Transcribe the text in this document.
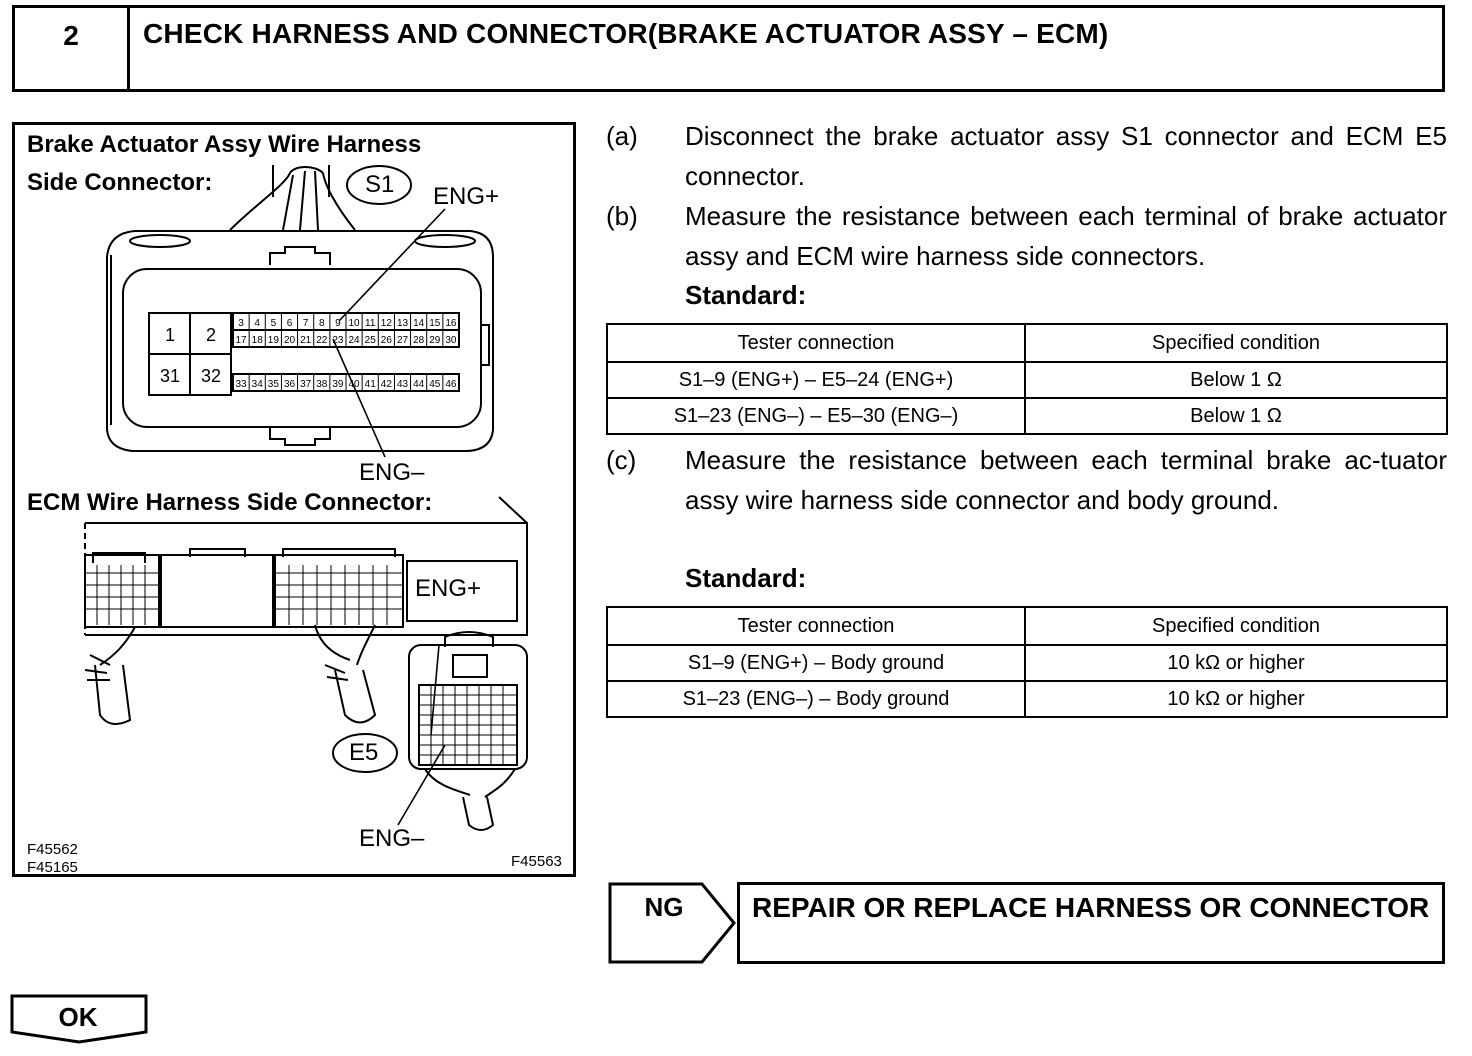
2	CHECK HARNESS AND CONNECTOR(BRAKE ACTUATOR ASSY – ECM)
3 4 5 6 7 8 9 10 11 12 13 14 15 16
17 18 19 20 21 22 23 24 25 26 27 28 29 30
33 34 35 36 37 38 39 40 41 42 43 44 45 46
1 2
31 32
Brake Actuator Assy Wire Harness
Side Connector:	S1 ENG+
ENG–
ECM Wire Harness Side Connector:
ENG+
E5
ENG–
F45562
F45165	F45563
(a)	Disconnect the brake actuator assy S1 connector and ECM E5 connector.
(b)	Measure the resistance between each terminal of brake actuator assy and ECM wire harness side connectors.
Standard:
Tester connection	Specified condition
S1–9 (ENG+) – E5–24 (ENG+)	Below 1 Ω
S1–23 (ENG–) – E5–30 (ENG–)	Below 1 Ω
(c)	Measure the resistance between each terminal brake ac-tuator assy wire harness side connector and body ground.
Standard:
Tester connection	Specified condition
S1–9 (ENG+) – Body ground	10 kΩ or higher
S1–23 (ENG–) – Body ground	10 kΩ or higher
NG	REPAIR OR REPLACE HARNESS OR CONNECTOR
OK
